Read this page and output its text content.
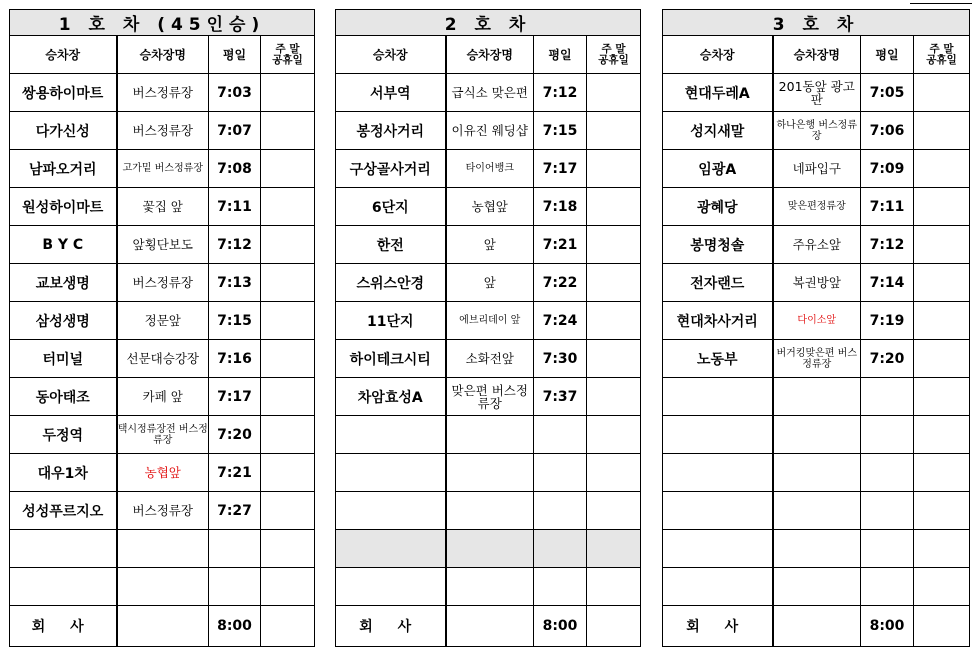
1 호 차 (45인승)			
승차장	승차장명	평일	주 말
공휴일
쌍용하이마트	버스정류장	7:03	
다가신성	버스정류장	7:07	
남파오거리	고가밑 버스정류장	7:08	
원성하이마트	꽃집 앞	7:11	
B Y C	앞횡단보도	7:12	
교보생명	버스정류장	7:13	
삼성생명	정문앞	7:15	
터미널	선문대승강장	7:16	
동아태조	카페 앞	7:17	
두정역	택시정류장전 버스정류장	7:20	
대우1차	농협앞	7:21	
성성푸르지오	버스정류장	7:27	

회 사		8:00	
2 호 차			
승차장	승차장명	평일	주 말
공휴일
서부역	급식소 맞은편	7:12	
봉정사거리	이유진 웨딩샵	7:15	
구상골사거리	타이어뱅크	7:17	
6단지	농협앞	7:18	
한전	앞	7:21	
스위스안경	앞	7:22	
11단지	에브리데이 앞	7:24	
하이테크시티	소화전앞	7:30	
차암효성A	맞은편 버스정류장	7:37	

회 사		8:00	
3 호 차			
승차장	승차장명	평일	주 말
공휴일
현대두레A	201동앞 광고판	7:05	
성지새말	하나은행 버스정류장	7:06	
임광A	네파입구	7:09	
광혜당	맞은편정류장	7:11	
봉명청솔	주유소앞	7:12	
전자랜드	복권방앞	7:14	
현대차사거리	다이소앞	7:19	
노동부	버거킹맞은편 버스정류장	7:20	

회 사		8:00	
